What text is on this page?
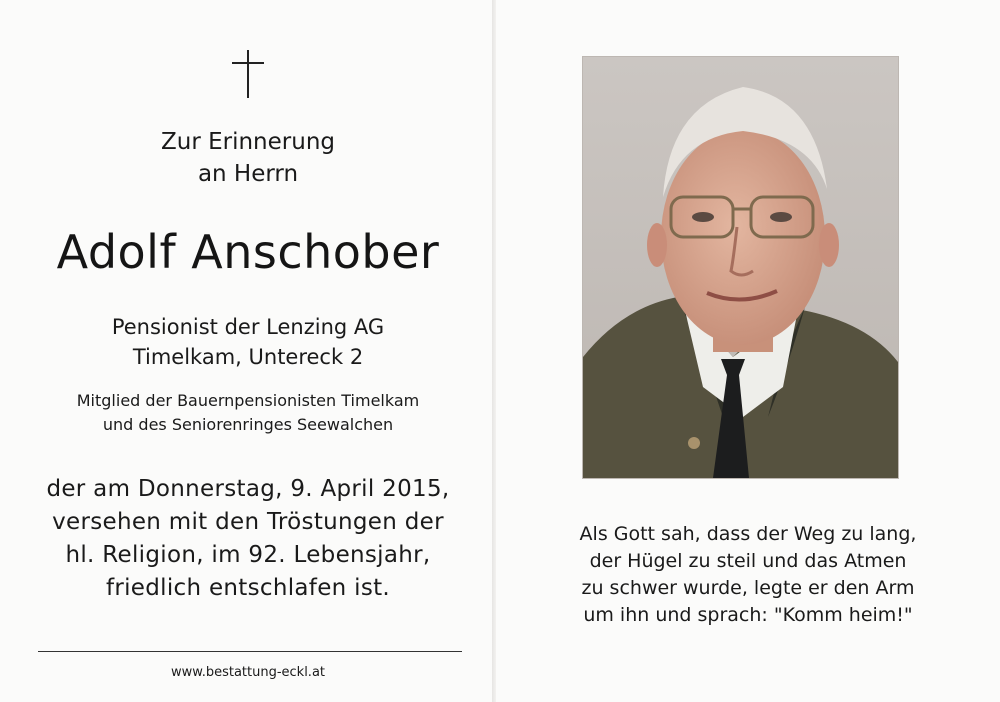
Zur Erinnerung
an Herrn
Adolf Anschober
Pensionist der Lenzing AG
Timelkam, Untereck 2
Mitglied der Bauernpensionisten Timelkam
und des Seniorenringes Seewalchen
der am Donnerstag, 9. April 2015,
versehen mit den Tröstungen der
hl. Religion, im 92. Lebensjahr,
friedlich entschlafen ist.
www.bestattung-eckl.at
Als Gott sah, dass der Weg zu lang,
der Hügel zu steil und das Atmen
zu schwer wurde, legte er den Arm
um ihn und sprach: "Komm heim!"
